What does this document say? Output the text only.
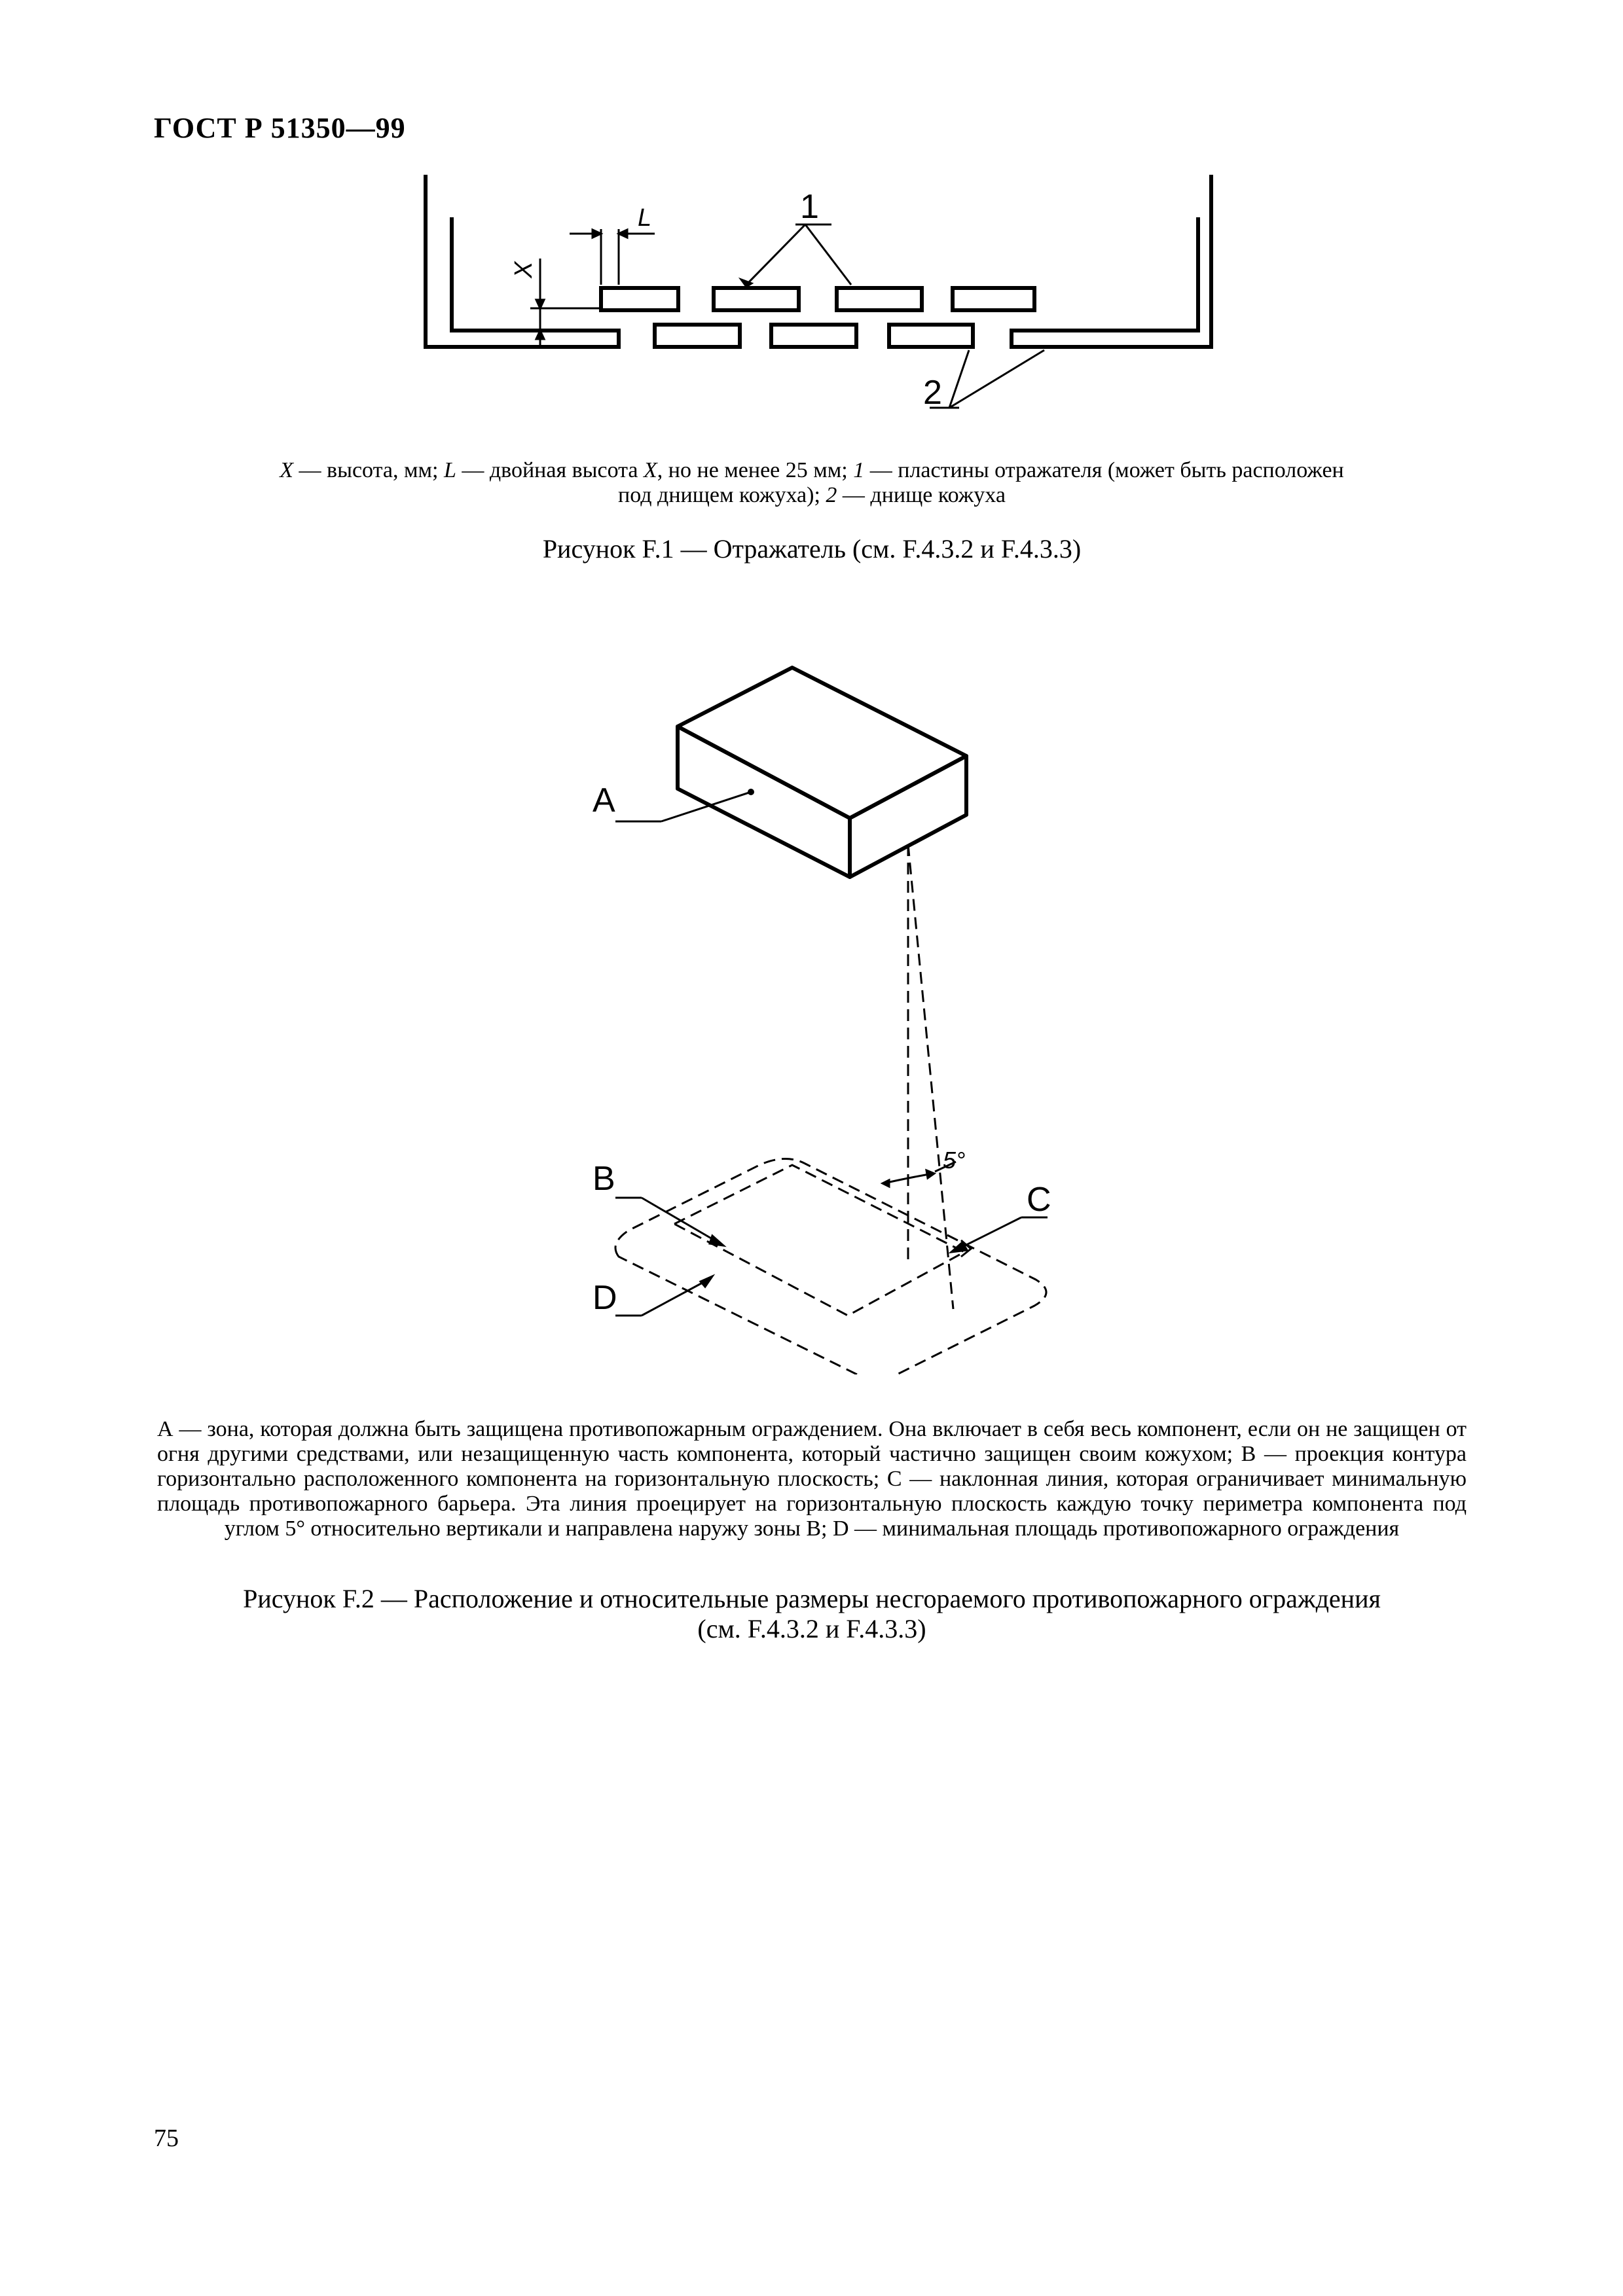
ГОСТ Р 51350—99
L
X
1
2
X — высота, мм; L — двойная высота X, но не менее 25 мм; 1 — пластины отражателя (может быть расположен
под днищем кожуха); 2 — днище кожуха
Рисунок F.1 — Отражатель (см. F.4.3.2 и F.4.3.3)
A
B
C
D
5°
А — зона, которая должна быть защищена противопожарным ограждением. Она включает в себя весь компонент, если он не защищен от огня другими средствами, или незащищенную часть компонента, который частично защищен своим кожухом; В — проекция контура горизонтально расположенного компонента на горизонтальную плоскость; С — наклонная линия, которая ограничивает минимальную площадь противопожарного барьера. Эта линия проецирует на горизонтальную плоскость каждую точку периметра компонента под углом 5° относительно вертикали и направлена наружу зоны В; D — минимальная площадь противопожарного ограждения
Рисунок F.2 — Расположение и относительные размеры несгораемого противопожарного ограждения
(см. F.4.3.2 и F.4.3.3)
75
